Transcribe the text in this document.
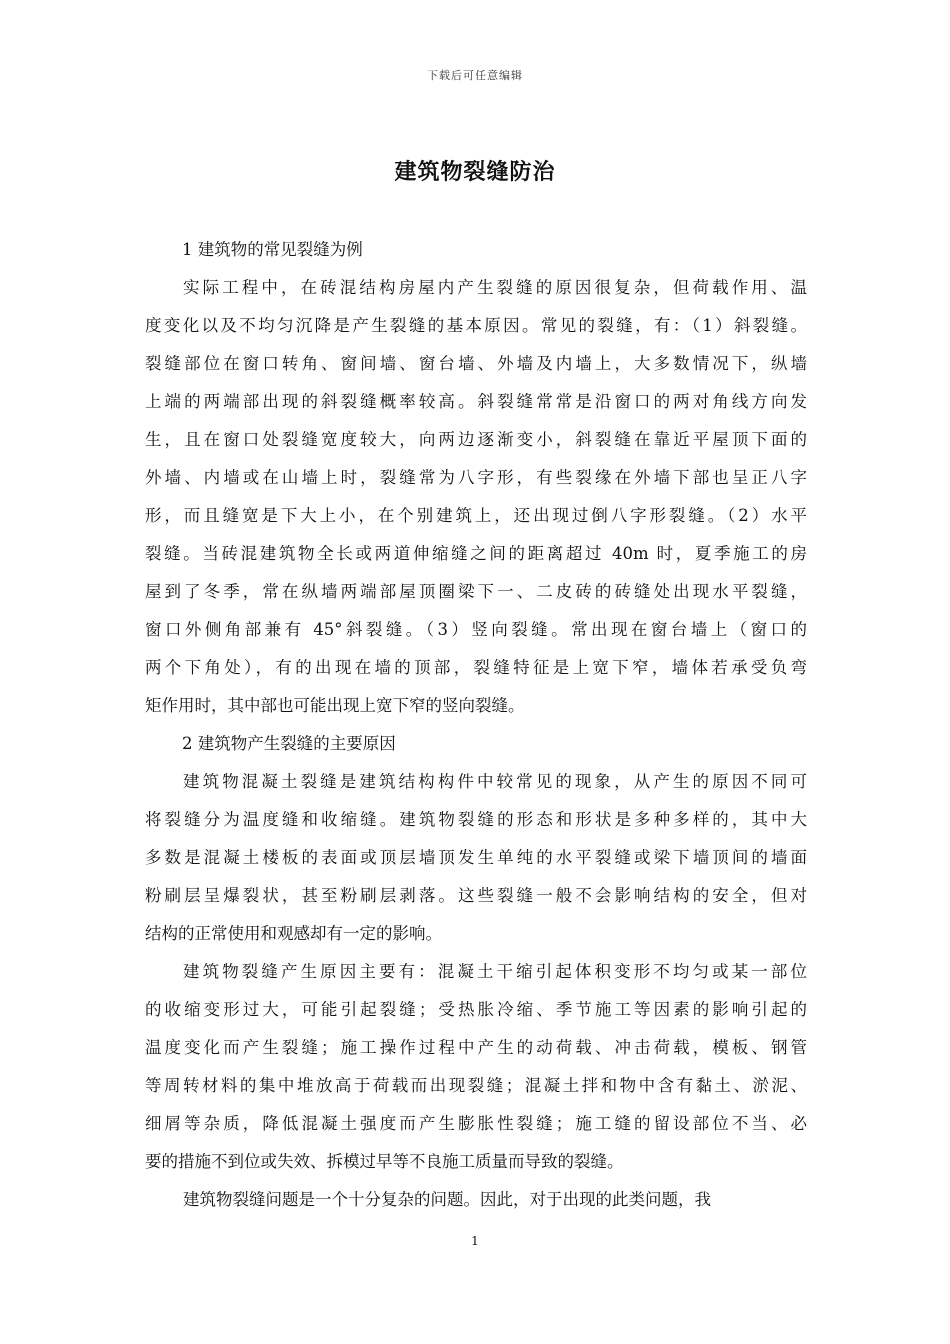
下载后可任意编辑
建筑物裂缝防治
1 建筑物的常见裂缝为例
实际工程中，在砖混结构房屋内产生裂缝的原因很复杂，但荷载作用、温
度变化以及不均匀沉降是产生裂缝的基本原因。常见的裂缝，有：（1）斜裂缝。
裂缝部位在窗口转角、窗间墙、窗台墙、外墙及内墙上，大多数情况下，纵墙
上端的两端部出现的斜裂缝概率较高。斜裂缝常常是沿窗口的两对角线方向发
生，且在窗口处裂缝宽度较大，向两边逐渐变小，斜裂缝在靠近平屋顶下面的
外墙、内墙或在山墙上时，裂缝常为八字形，有些裂缘在外墙下部也呈正八字
形，而且缝宽是下大上小，在个别建筑上，还出现过倒八字形裂缝。（2）水平
裂缝。当砖混建筑物全长或两道伸缩缝之间的距离超过 40m 时，夏季施工的房
屋到了冬季，常在纵墙两端部屋顶圈梁下一、二皮砖的砖缝处出现水平裂缝，
窗口外侧角部兼有 45°斜裂缝。（3）竖向裂缝。常出现在窗台墙上（窗口的
两个下角处），有的出现在墙的顶部，裂缝特征是上宽下窄，墙体若承受负弯
矩作用时，其中部也可能出现上宽下窄的竖向裂缝。
2 建筑物产生裂缝的主要原因
建筑物混凝土裂缝是建筑结构构件中较常见的现象，从产生的原因不同可
将裂缝分为温度缝和收缩缝。建筑物裂缝的形态和形状是多种多样的，其中大
多数是混凝土楼板的表面或顶层墙顶发生单纯的水平裂缝或梁下墙顶间的墙面
粉刷层呈爆裂状，甚至粉刷层剥落。这些裂缝一般不会影响结构的安全，但对
结构的正常使用和观感却有一定的影响。
建筑物裂缝产生原因主要有：混凝土干缩引起体积变形不均匀或某一部位
的收缩变形过大，可能引起裂缝；受热胀冷缩、季节施工等因素的影响引起的
温度变化而产生裂缝；施工操作过程中产生的动荷载、冲击荷载，模板、钢管
等周转材料的集中堆放高于荷载而出现裂缝；混凝土拌和物中含有黏土、淤泥、
细屑等杂质，降低混凝土强度而产生膨胀性裂缝；施工缝的留设部位不当、必
要的措施不到位或失效、拆模过早等不良施工质量而导致的裂缝。
建筑物裂缝问题是一个十分复杂的问题。因此，对于出现的此类问题，我
1
